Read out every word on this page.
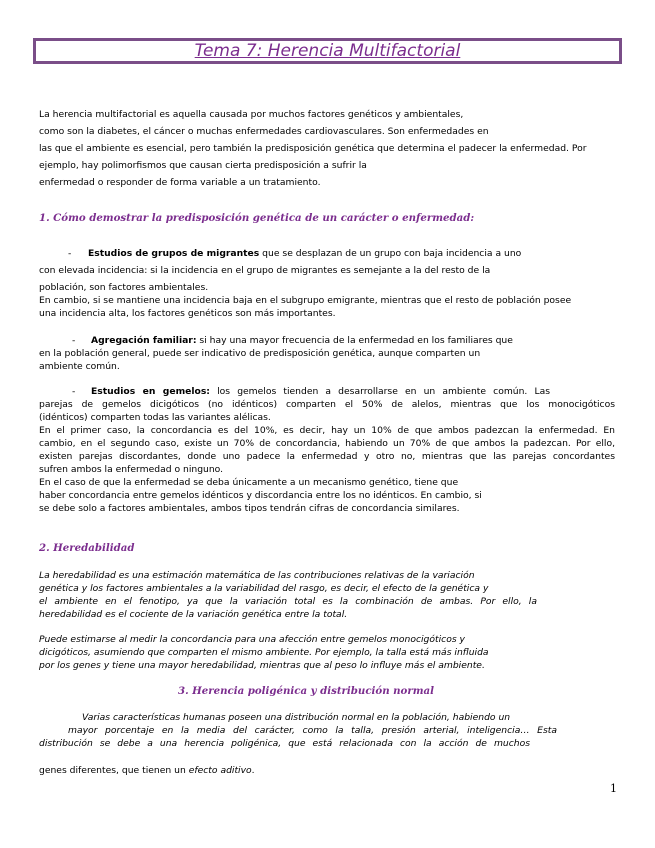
Tema 7: Herencia Multifactorial
La herencia multifactorial es aquella causada por muchos factores genéticos y ambientales,
como son la diabetes, el cáncer o muchas enfermedades cardiovasculares. Son enfermedades en
las que el ambiente es esencial, pero también la predisposición genética que determina el padecer la enfermedad. Por
ejemplo, hay polimorfismos que causan cierta predisposición a sufrir la
enfermedad o responder de forma variable a un tratamiento.
1. Cómo demostrar la predisposición genética de un carácter o enfermedad:
- Estudios de grupos de migrantes que se desplazan de un grupo con baja incidencia a uno
con elevada incidencia: si la incidencia en el grupo de migrantes es semejante a la del resto de la
población, son factores ambientales.
En cambio, si se mantiene una incidencia baja en el subgrupo emigrante, mientras que el resto de población posee
una incidencia alta, los factores genéticos son más importantes.
- Agregación familiar: si hay una mayor frecuencia de la enfermedad en los familiares que
en la población general, puede ser indicativo de predisposición genética, aunque comparten un
ambiente común.
- Estudios en gemelos: los gemelos tienden a desarrollarse en un ambiente común. Las
parejas de gemelos dicigóticos (no idénticos) comparten el 50% de alelos, mientras que los monocigóticos
(idénticos) comparten todas las variantes alélicas.
En el primer caso, la concordancia es del 10%, es decir, hay un 10% de que ambos padezcan la enfermedad. En
cambio, en el segundo caso, existe un 70% de concordancia, habiendo un 70% de que ambos la padezcan. Por ello,
existen parejas discordantes, donde uno padece la enfermedad y otro no, mientras que las parejas concordantes
sufren ambos la enfermedad o ninguno.
En el caso de que la enfermedad se deba únicamente a un mecanismo genético, tiene que
haber concordancia entre gemelos idénticos y discordancia entre los no idénticos. En cambio, si
se debe solo a factores ambientales, ambos tipos tendrán cifras de concordancia similares.
2. Heredabilidad
La heredabilidad es una estimación matemática de las contribuciones relativas de la variación
genética y los factores ambientales a la variabilidad del rasgo, es decir, el efecto de la genética y
el ambiente en el fenotipo, ya que la variación total es la combinación de ambas. Por ello, la
heredabilidad es el cociente de la variación genética entre la total.
Puede estimarse al medir la concordancia para una afección entre gemelos monocigóticos y
dicigóticos, asumiendo que comparten el mismo ambiente. Por ejemplo, la talla está más influida
por los genes y tiene una mayor heredabilidad, mientras que al peso lo influye más el ambiente.
3. Herencia poligénica y distribución normal
Varias características humanas poseen una distribución normal en la población, habiendo un
mayor porcentaje en la media del carácter, como la talla, presión arterial, inteligencia… Esta
distribución se debe a una herencia poligénica, que está relacionada con la acción de muchos
genes diferentes, que tienen un efecto aditivo.
1
